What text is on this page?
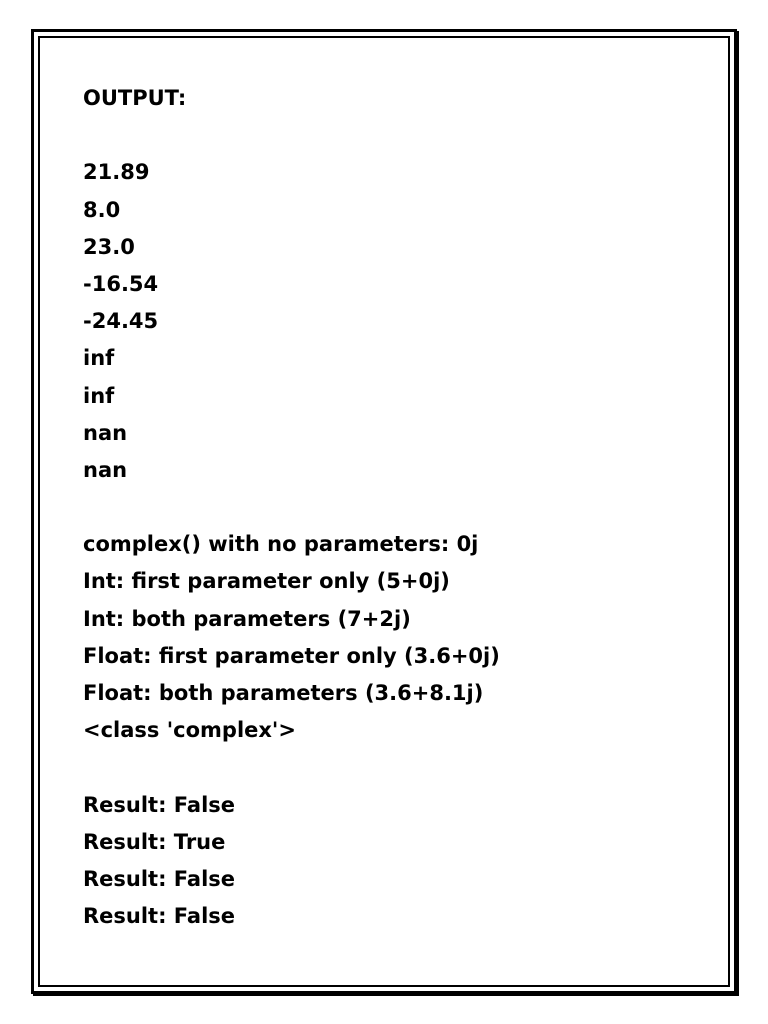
OUTPUT:
21.89
8.0
23.0
-16.54
-24.45
inf
inf
nan
nan
complex() with no parameters: 0j
Int: first parameter only (5+0j)
Int: both parameters (7+2j)
Float: first parameter only (3.6+0j)
Float: both parameters (3.6+8.1j)
<class 'complex'>
Result: False
Result: True
Result: False
Result: False
